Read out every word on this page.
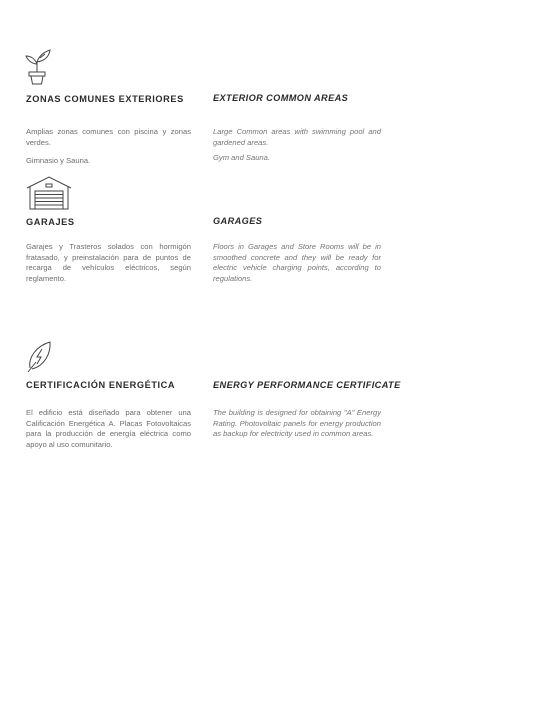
ZONAS COMUNES EXTERIORES	EXTERIOR COMMON AREAS

Amplias zonas comunes con piscina y zonas verdes.

Gimnasio y Sauna.

Large Common areas with swimming pool and gardened areas.

Gym and Sauna.

GARAJES	GARAGES

Garajes y Trasteros solados con hormigón fratasado, y preinstalación para de puntos de recarga de vehículos eléctricos, según reglamento.

Floors in Garages and Store Rooms will be in smoothed concrete and they will be ready for electric vehicle charging points, according to regulations.

CERTIFICACIÓN ENERGÉTICA	ENERGY PERFORMANCE CERTIFICATE

El edificio está diseñado para obtener una Calificación Energética A. Placas Fotovoltaicas para la producción de energía eléctrica como apoyo al uso comunitario.

The building is designed for obtaining "A" Energy Rating. Photovoltaic panels for energy production as backup for electricity used in common areas.
